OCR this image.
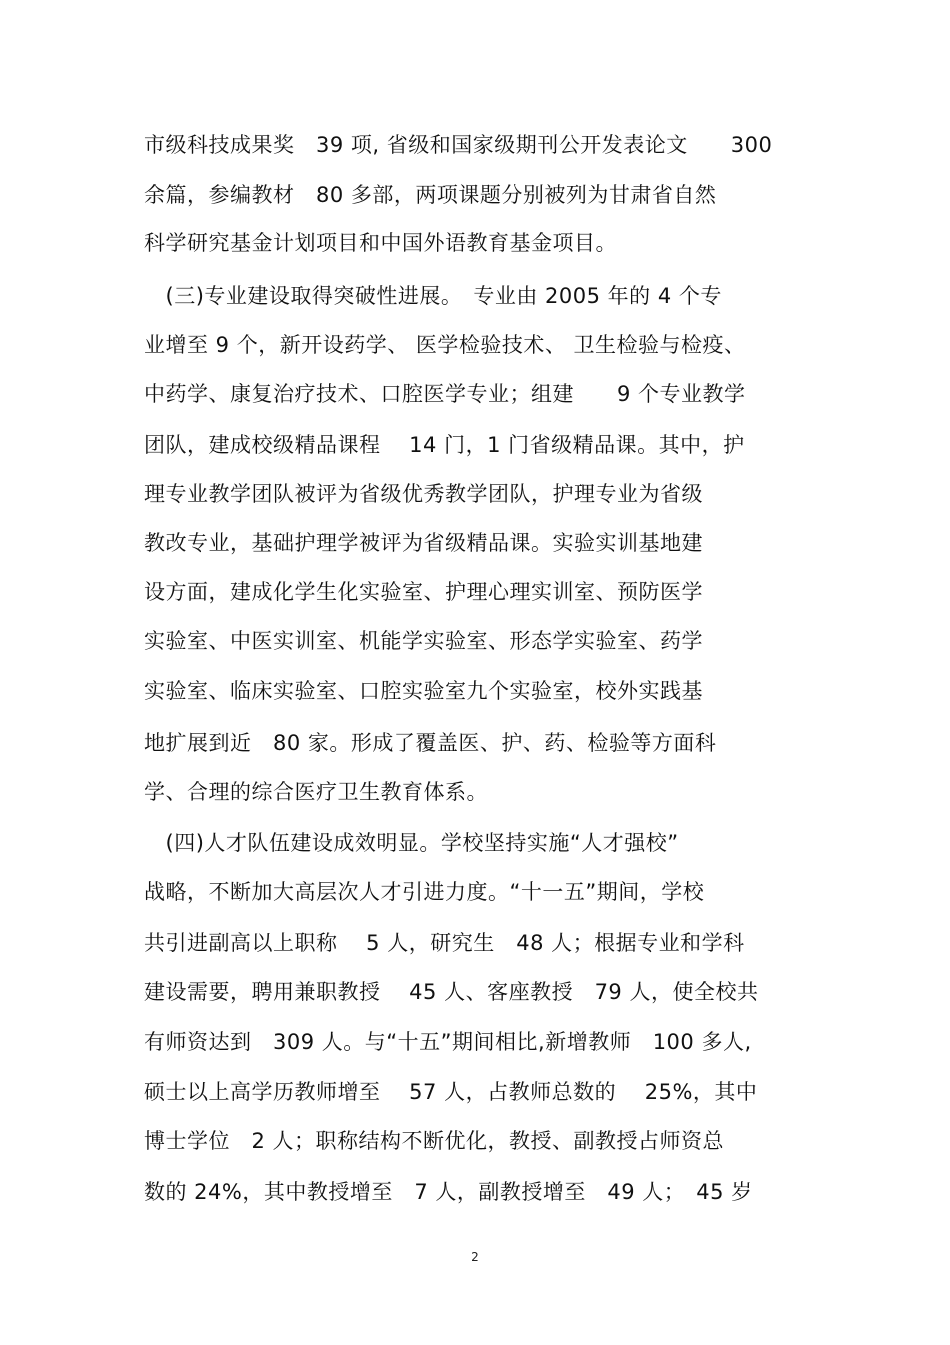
市级科技成果奖　39 项, 省级和国家级期刊公开发表论文　　300
余篇，参编教材　80 多部，两项课题分别被列为甘肃省自然
科学研究基金计划项目和中国外语教育基金项目。
　(三)专业建设取得突破性进展。　专业由 2005 年的 4 个专
业增至 9 个，新开设药学、 医学检验技术、 卫生检验与检疫、
中药学、康复治疗技术、口腔医学专业；组建　　9 个专业教学
团队，建成校级精品课程　 14 门，1 门省级精品课。其中，护
理专业教学团队被评为省级优秀教学团队，护理专业为省级
教改专业，基础护理学被评为省级精品课。实验实训基地建
设方面，建成化学生化实验室、护理心理实训室、预防医学
实验室、中医实训室、机能学实验室、形态学实验室、药学
实验室、临床实验室、口腔实验室九个实验室，校外实践基
地扩展到近　80 家。形成了覆盖医、护、药、检验等方面科
学、合理的综合医疗卫生教育体系。
　(四)人才队伍建设成效明显。学校坚持实施“人才强校”
战略，不断加大高层次人才引进力度。“十一五”期间，学校
共引进副高以上职称　 5 人，研究生　48 人；根据专业和学科
建设需要，聘用兼职教授　 45 人、客座教授　79 人，使全校共
有师资达到　309 人。与“十五”期间相比,新增教师　100 多人,
硕士以上高学历教师增至　 57 人，占教师总数的　 25%，其中
博士学位　2 人；职称结构不断优化，教授、副教授占师资总
数的 24%，其中教授增至　7 人，副教授增至　49 人；　45 岁
2
